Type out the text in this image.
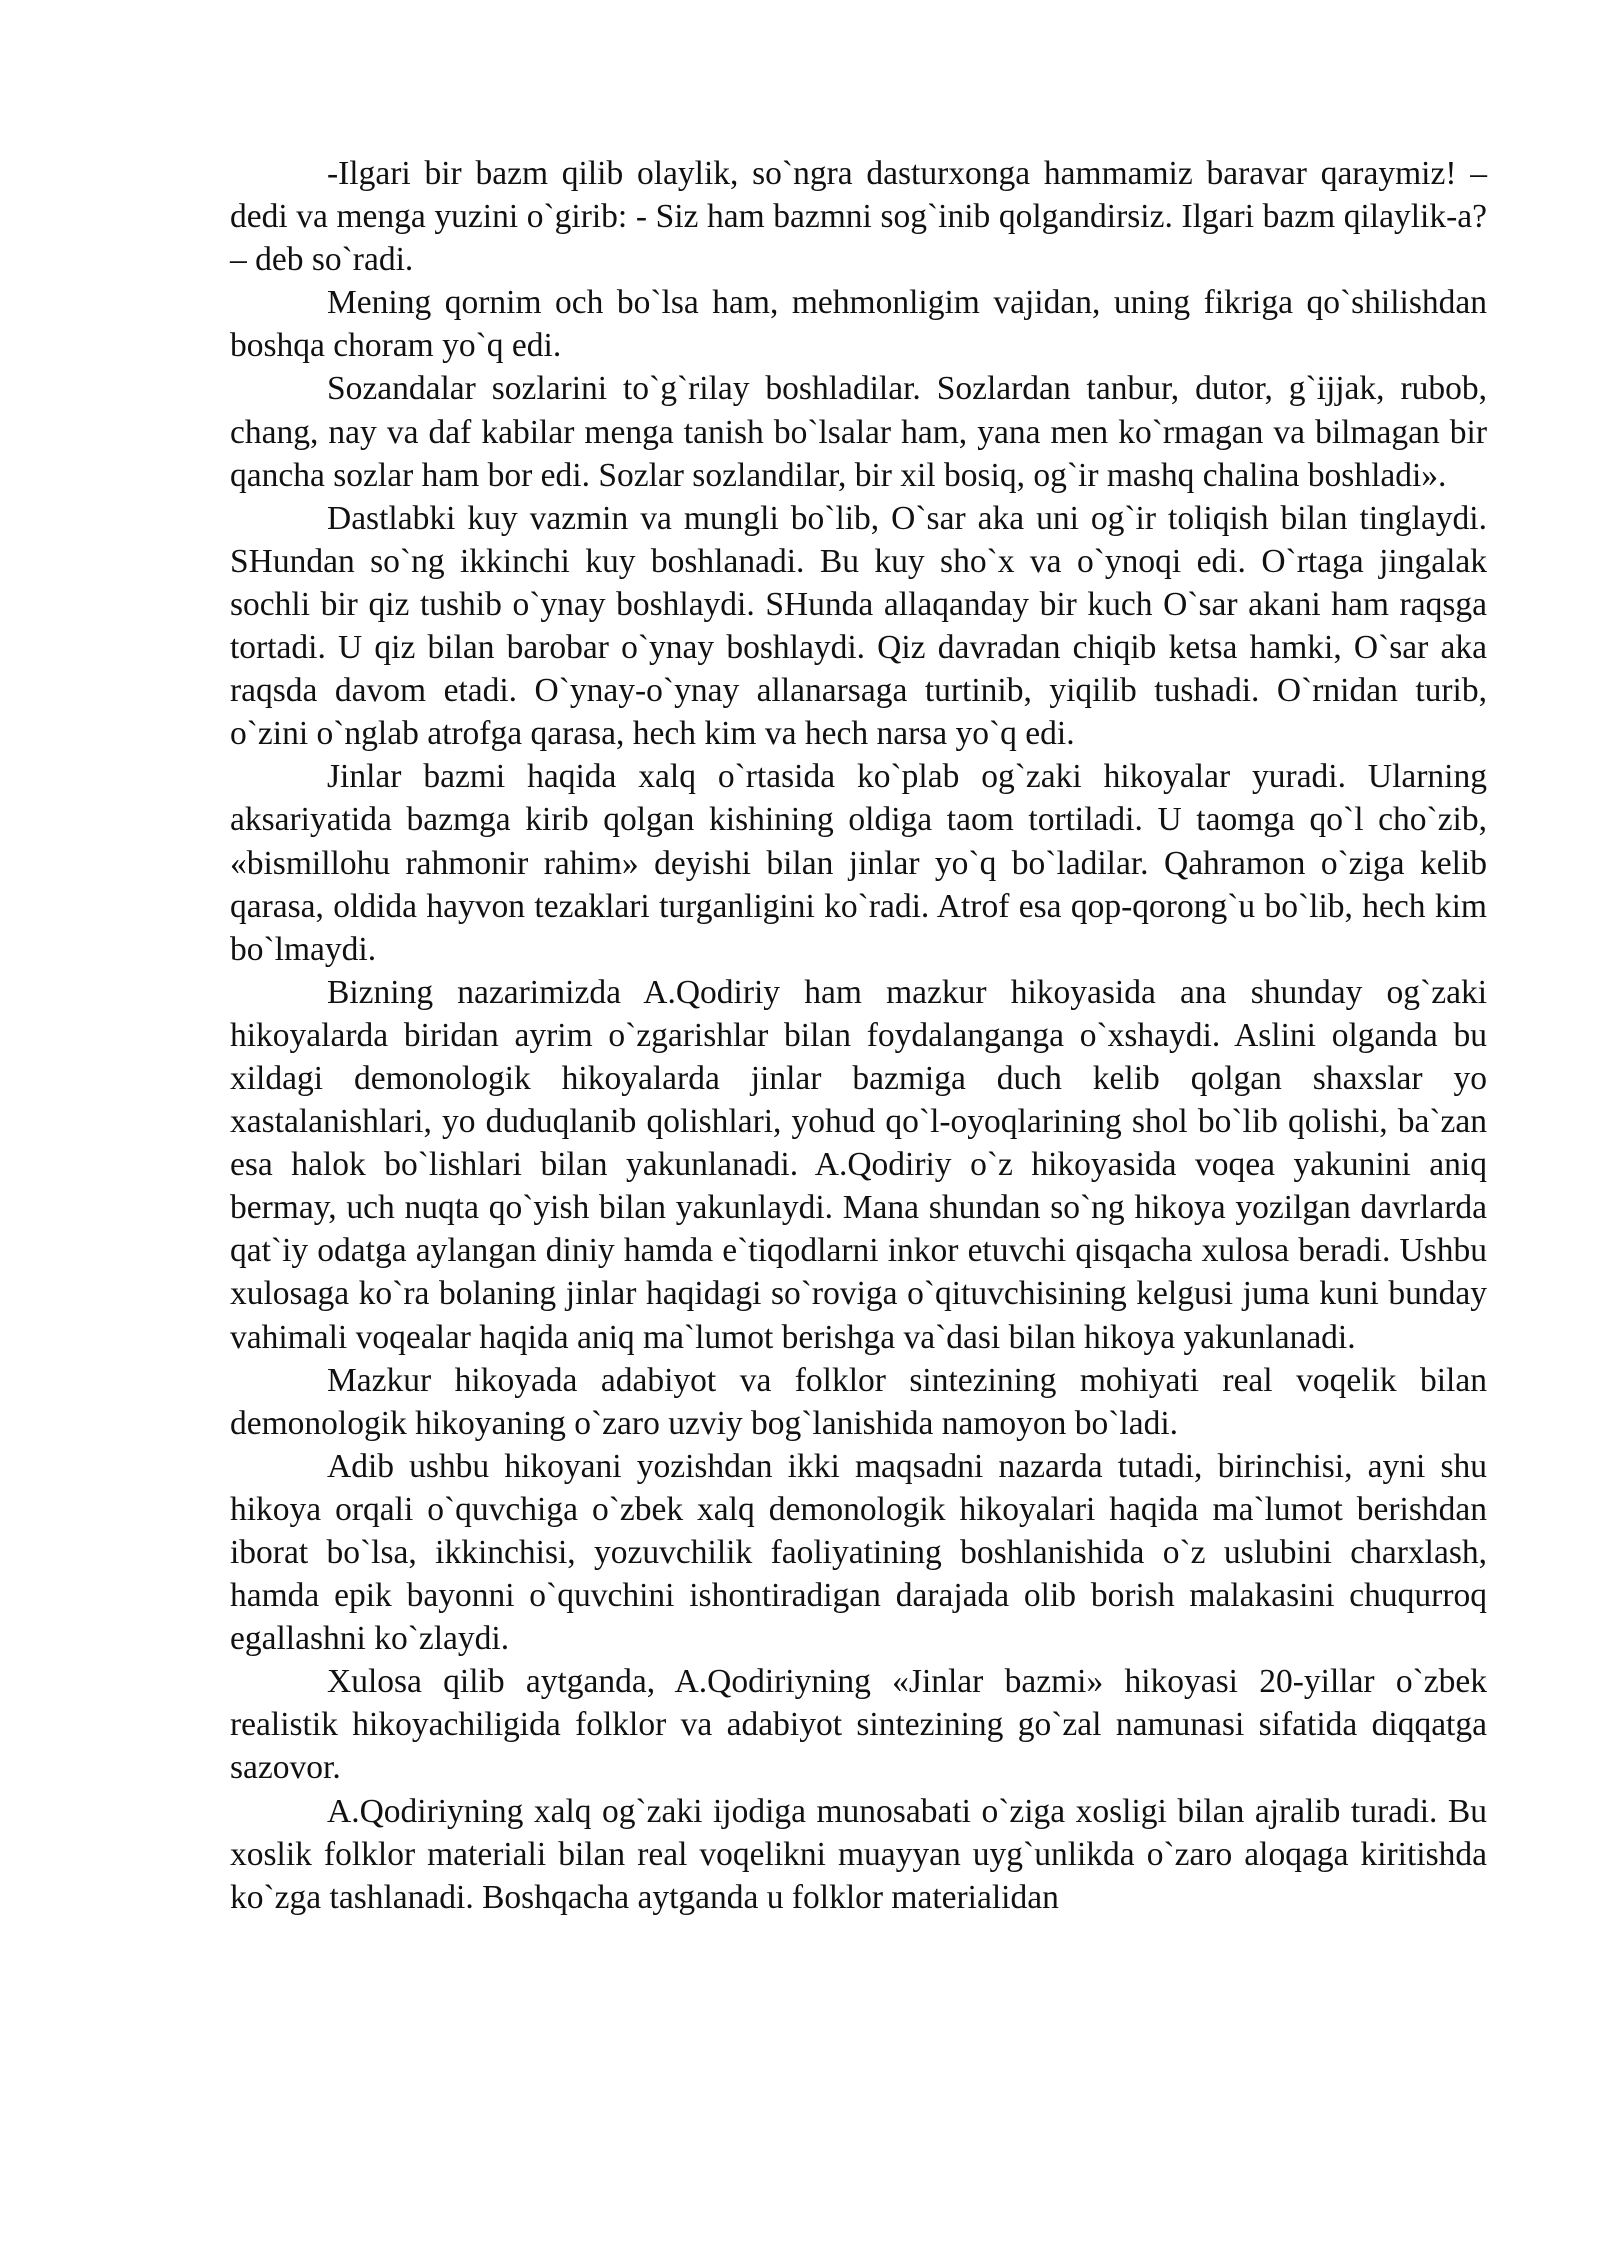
-Ilgari bir bazm qilib olaylik, so`ngra dasturxonga hammamiz baravar qaraymiz! – dedi va menga yuzini o`girib: - Siz ham bazmni sog`inib qolgandirsiz. Ilgari bazm qilaylik-a? – deb so`radi.

Mening qornim och bo`lsa ham, mehmonligim vajidan, uning fikriga qo`shilishdan boshqa choram yo`q edi.

Sozandalar sozlarini to`g`rilay boshladilar. Sozlardan tanbur, dutor, g`ijjak, rubob, chang, nay va daf kabilar menga tanish bo`lsalar ham, yana men ko`rmagan va bilmagan bir qancha sozlar ham bor edi. Sozlar sozlandilar, bir xil bosiq, og`ir mashq chalina boshladi».

Dastlabki kuy vazmin va mungli bo`lib, O`sar aka uni og`ir toliqish bilan tinglaydi. SHundan so`ng ikkinchi kuy boshlanadi. Bu kuy sho`x va o`ynoqi edi. O`rtaga jingalak sochli bir qiz tushib o`ynay boshlaydi. SHunda allaqanday bir kuch O`sar akani ham raqsga tortadi. U qiz bilan barobar o`ynay boshlaydi. Qiz davradan chiqib ketsa hamki, O`sar aka raqsda davom etadi. O`ynay-o`ynay allanarsaga turtinib, yiqilib tushadi. O`rnidan turib, o`zini o`nglab atrofga qarasa, hech kim va hech narsa yo`q edi.

Jinlar bazmi haqida xalq o`rtasida ko`plab og`zaki hikoyalar yuradi. Ularning aksariyatida bazmga kirib qolgan kishining oldiga taom tortiladi. U taomga qo`l cho`zib, «bismillohu rahmonir rahim» deyishi bilan jinlar yo`q bo`ladilar. Qahramon o`ziga kelib qarasa, oldida hayvon tezaklari turganligini ko`radi. Atrof esa qop-qorong`u bo`lib, hech kim bo`lmaydi.

Bizning nazarimizda A.Qodiriy ham mazkur hikoyasida ana shunday og`zaki hikoyalarda biridan ayrim o`zgarishlar bilan foydalanganga o`xshaydi. Aslini olganda bu xildagi demonologik hikoyalarda jinlar bazmiga duch kelib qolgan shaxslar yo xastalanishlari, yo duduqlanib qolishlari, yohud qo`l-oyoqlarining shol bo`lib qolishi, ba`zan esa halok bo`lishlari bilan yakunlanadi. A.Qodiriy o`z hikoyasida voqea yakunini aniq bermay, uch nuqta qo`yish bilan yakunlaydi. Mana shundan so`ng hikoya yozilgan davrlarda qat`iy odatga aylangan diniy hamda e`tiqodlarni inkor etuvchi qisqacha xulosa beradi. Ushbu xulosaga ko`ra bolaning jinlar haqidagi so`roviga o`qituvchisining kelgusi juma kuni bunday vahimali voqealar haqida aniq ma`lumot berishga va`dasi bilan hikoya yakunlanadi.

Mazkur hikoyada adabiyot va folklor sintezining mohiyati real voqelik bilan demonologik hikoyaning o`zaro uzviy bog`lanishida namoyon bo`ladi.

Adib ushbu hikoyani yozishdan ikki maqsadni nazarda tutadi, birinchisi, ayni shu hikoya orqali o`quvchiga o`zbek xalq demonologik hikoyalari haqida ma`lumot berishdan iborat bo`lsa, ikkinchisi, yozuvchilik faoliyatining boshlanishida o`z uslubini charxlash, hamda epik bayonni o`quvchini ishontiradigan darajada olib borish malakasini chuqurroq egallashni ko`zlaydi.

Xulosa qilib aytganda, A.Qodiriyning «Jinlar bazmi» hikoyasi 20-yillar o`zbek realistik hikoyachiligida folklor va adabiyot sintezining go`zal namunasi sifatida diqqatga sazovor.

A.Qodiriyning xalq og`zaki ijodiga munosabati o`ziga xosligi bilan ajralib turadi. Bu xoslik folklor materiali bilan real voqelikni muayyan uyg`unlikda o`zaro aloqaga kiritishda ko`zga tashlanadi. Boshqacha aytganda u folklor materialidan
